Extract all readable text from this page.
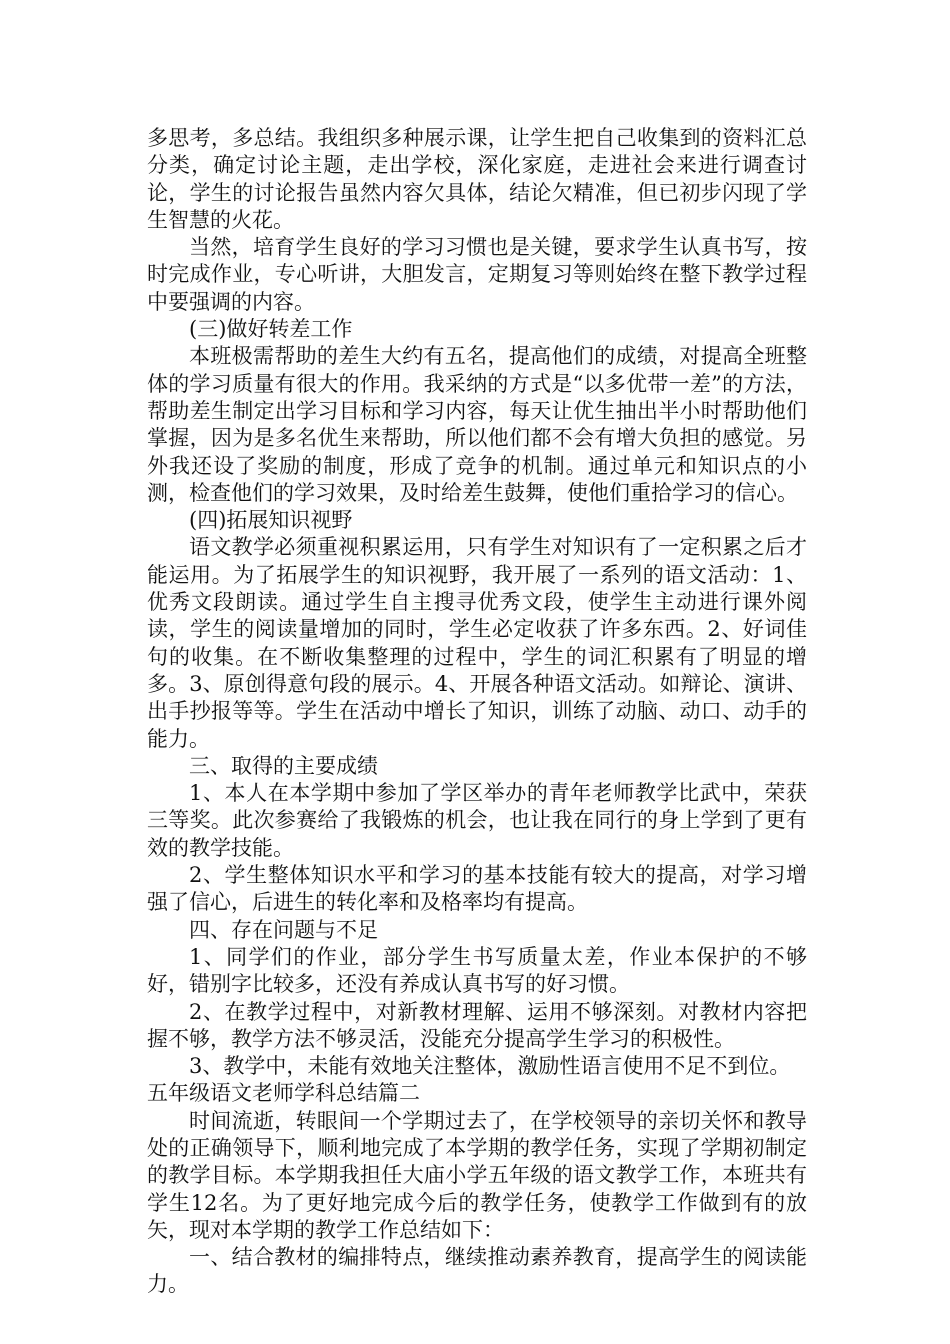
多思考，多总结。我组织多种展示课，让学生把自己收集到的资料汇总分类，确定讨论主题，走出学校，深化家庭，走进社会来进行调查讨论，学生的讨论报告虽然内容欠具体，结论欠精准，但已初步闪现了学生智慧的火花。

当然，培育学生良好的学习习惯也是关键，要求学生认真书写，按时完成作业，专心听讲，大胆发言，定期复习等则始终在整下教学过程中要强调的内容。

(三)做好转差工作

本班极需帮助的差生大约有五名，提高他们的成绩，对提高全班整体的学习质量有很大的作用。我采纳的方式是“以多优带一差”的方法，帮助差生制定出学习目标和学习内容，每天让优生抽出半小时帮助他们掌握，因为是多名优生来帮助，所以他们都不会有增大负担的感觉。另外我还设了奖励的制度，形成了竞争的机制。通过单元和知识点的小测，检查他们的学习效果，及时给差生鼓舞，使他们重拾学习的信心。

(四)拓展知识视野

语文教学必须重视积累运用，只有学生对知识有了一定积累之后才能运用。为了拓展学生的知识视野，我开展了一系列的语文活动：1、优秀文段朗读。通过学生自主搜寻优秀文段，使学生主动进行课外阅读，学生的阅读量增加的同时，学生必定收获了许多东西。2、好词佳句的收集。在不断收集整理的过程中，学生的词汇积累有了明显的增多。3、原创得意句段的展示。4、开展各种语文活动。如辩论、演讲、出手抄报等等。学生在活动中增长了知识，训练了动脑、动口、动手的能力。

三、取得的主要成绩

1、本人在本学期中参加了学区举办的青年老师教学比武中，荣获三等奖。此次参赛给了我锻炼的机会，也让我在同行的身上学到了更有效的教学技能。

2、学生整体知识水平和学习的基本技能有较大的提高，对学习增强了信心，后进生的转化率和及格率均有提高。

四、存在问题与不足

1、同学们的作业，部分学生书写质量太差，作业本保护的不够好，错别字比较多，还没有养成认真书写的好习惯。

2、在教学过程中，对新教材理解、运用不够深刻。对教材内容把握不够，教学方法不够灵活，没能充分提高学生学习的积极性。

3、教学中，未能有效地关注整体，激励性语言使用不足不到位。

五年级语文老师学科总结篇二

时间流逝，转眼间一个学期过去了，在学校领导的亲切关怀和教导处的正确领导下，顺利地完成了本学期的教学任务，实现了学期初制定的教学目标。本学期我担任大庙小学五年级的语文教学工作，本班共有学生12名。为了更好地完成今后的教学任务，使教学工作做到有的放矢，现对本学期的教学工作总结如下：

一、结合教材的编排特点，继续推动素养教育，提高学生的阅读能力。
